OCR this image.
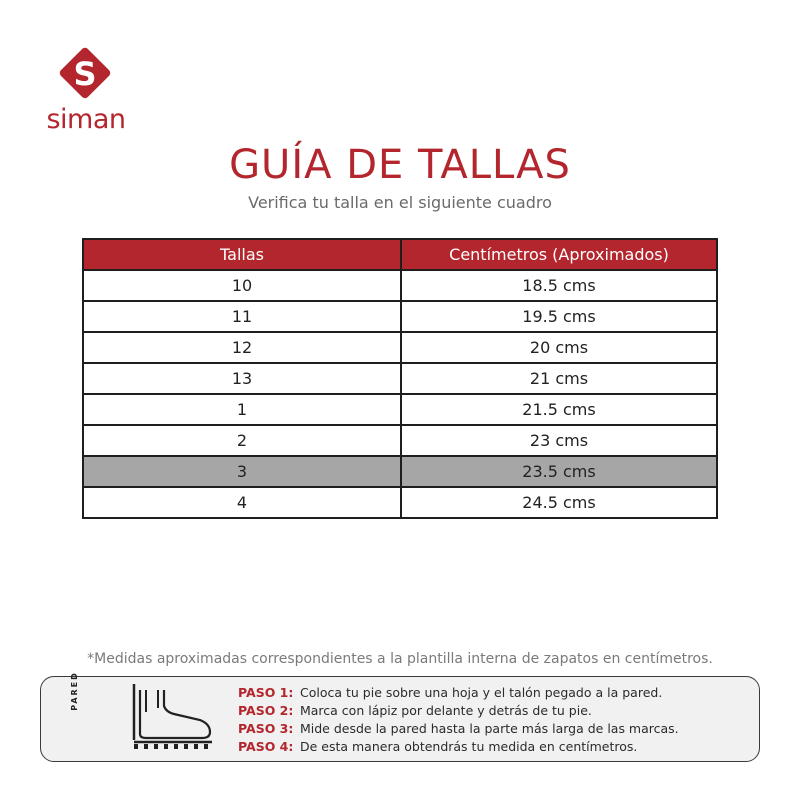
S
siman
GUÍA DE TALLAS
Verifica tu talla en el siguiente cuadro
Tallas	Centímetros (Aproximados)
10	18.5 cms
11	19.5 cms
12	20 cms
13	21 cms
1	21.5 cms
2	23 cms
3	23.5 cms
4	24.5 cms
*Medidas aproximadas correspondientes a la plantilla interna de zapatos en centímetros.
PARED	PASO 1: Coloca tu pie sobre una hoja y el talón pegado a la pared.
PASO 2: Marca con lápiz por delante y detrás de tu pie.
PASO 3: Mide desde la pared hasta la parte más larga de las marcas.
PASO 4: De esta manera obtendrás tu medida en centímetros.
